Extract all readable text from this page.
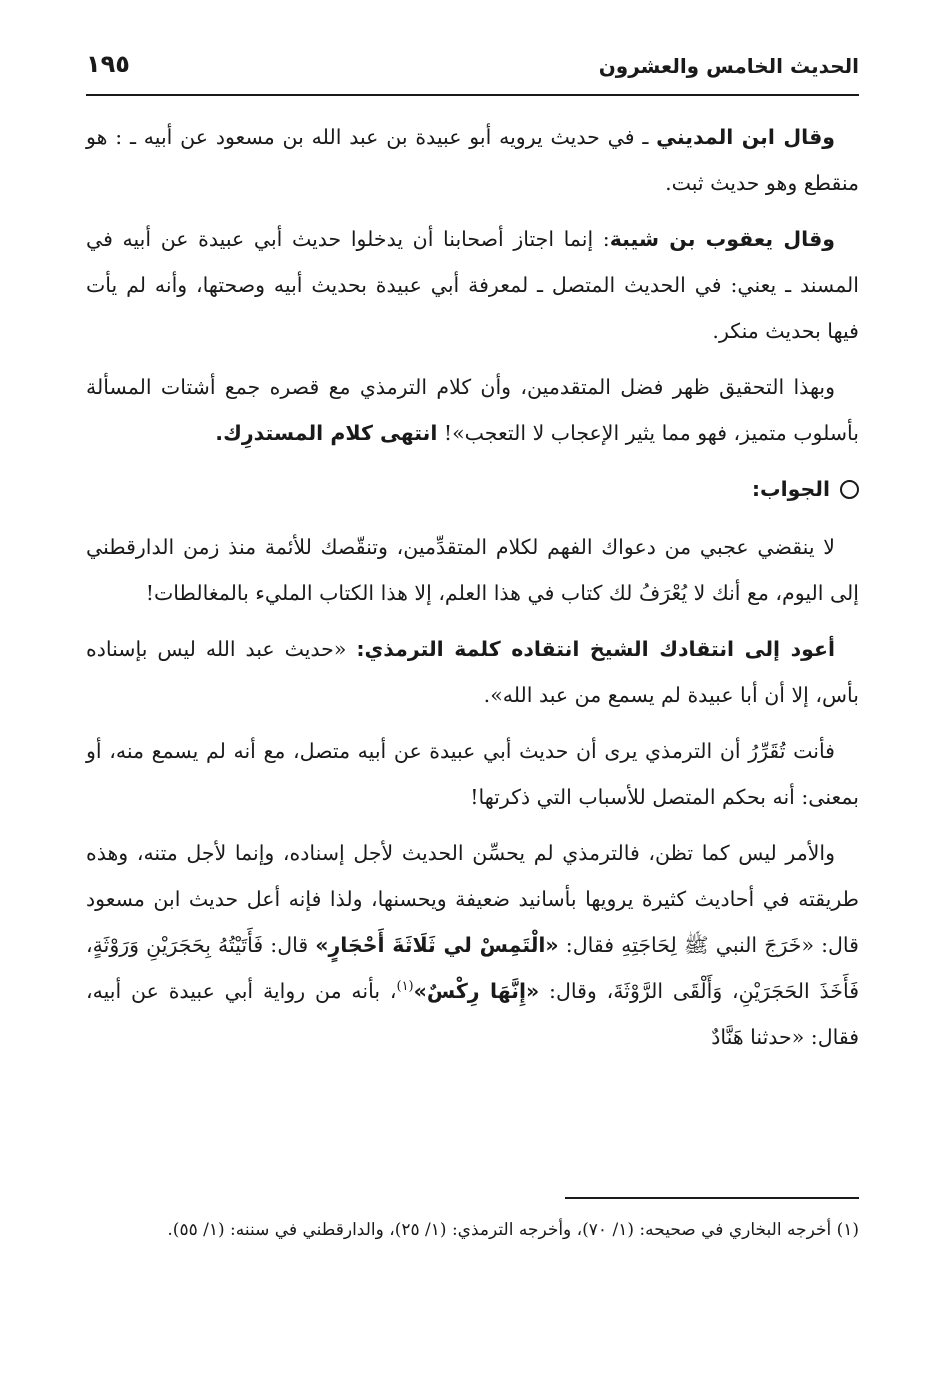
الحديث الخامس والعشرون
١٩٥

وقال ابن المديني ـ في حديث يرويه أبو عبيدة بن عبد الله بن مسعود عن أبيه ـ : هو منقطع وهو حديث ثبت.

وقال يعقوب بن شيبة: إنما اجتاز أصحابنا أن يدخلوا حديث أبي عبيدة عن أبيه في المسند ـ يعني: في الحديث المتصل ـ لمعرفة أبي عبيدة بحديث أبيه وصحتها، وأنه لم يأت فيها بحديث منكر.

وبهذا التحقيق ظهر فضل المتقدمين، وأن كلام الترمذي مع قصره جمع أشتات المسألة بأسلوب متميز، فهو مما يثير الإعجاب لا التعجب»! انتهى كلام المستدرِك.

الجواب:

لا ينقضي عجبي من دعواك الفهم لكلام المتقدِّمين، وتنقّصك للأئمة منذ زمن الدارقطني إلى اليوم، مع أنك لا يُعْرَفُ لك كتاب في هذا العلم، إلا هذا الكتاب المليء بالمغالطات!

أعود إلى انتقادك الشيخ انتقاده كلمة الترمذي: «حديث عبد الله ليس بإسناده بأس، إلا أن أبا عبيدة لم يسمع من عبد الله».

فأنت تُقَرِّرُ أن الترمذي يرى أن حديث أبي عبيدة عن أبيه متصل، مع أنه لم يسمع منه، أو بمعنى: أنه بحكم المتصل للأسباب التي ذكرتها!

والأمر ليس كما تظن، فالترمذي لم يحسِّن الحديث لأجل إسناده، وإنما لأجل متنه، وهذه طريقته في أحاديث كثيرة يرويها بأسانيد ضعيفة ويحسنها، ولذا فإنه أعل حديث ابن مسعود قال: «خَرَجَ النبي ﷺ لِحَاجَتِهِ فقال: «الْتَمِسْ لي ثَلَاثَةَ أَحْجَارٍ» قال: فَأَتَيْتُهُ بِحَجَرَيْنِ وَرَوْثَةٍ، فَأَخَذَ الحَجَرَيْنِ، وَأَلْقَى الرَّوْثَةَ، وقال: «إِنَّهَا رِكْسٌ»$^{(١)}$، بأنه من رواية أبي عبيدة عن أبيه، فقال: «حدثنا هَنَّادٌ

(١) أخرجه البخاري في صحيحه: (١/ ٧٠)، وأخرجه الترمذي: (١/ ٢٥)، والدارقطني في سننه: (١/ ٥٥).
